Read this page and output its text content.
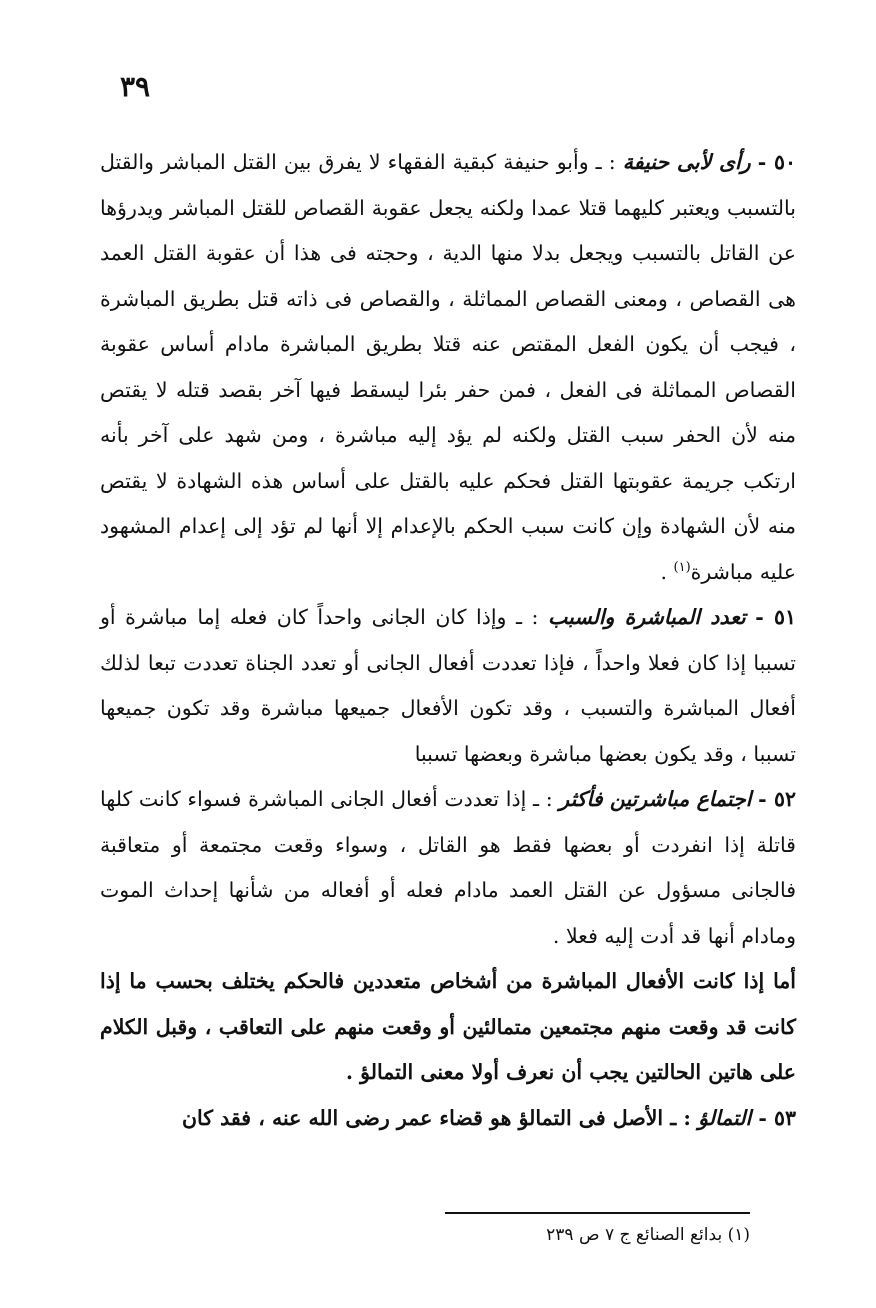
٣٩

٥٠ - رأى لأبى حنيفة : ـ وأبو حنيفة كبقية الفقهاء لا يفرق بين القتل المباشر والقتل بالتسبب ويعتبر كليهما قتلا عمدا ولكنه يجعل عقوبة القصاص للقتل المباشر ويدرؤها عن القاتل بالتسبب ويجعل بدلا منها الدية ، وحجته فى هذا أن عقوبة القتل العمد هى القصاص ، ومعنى القصاص المماثلة ، والقصاص فى ذاته قتل بطريق المباشرة ، فيجب أن يكون الفعل المقتص عنه قتلا بطريق المباشرة مادام أساس عقوبة القصاص المماثلة فى الفعل ، فمن حفر بئرا ليسقط فيها آخر بقصد قتله لا يقتص منه لأن الحفر سبب القتل ولكنه لم يؤد إليه مباشرة ، ومن شهد على آخر بأنه ارتكب جريمة عقوبتها القتل فحكم عليه بالقتل على أساس هذه الشهادة لا يقتص منه لأن الشهادة وإن كانت سبب الحكم بالإعدام إلا أنها لم تؤد إلى إعدام المشهود عليه مباشرة$^{(١)}$ .

٥١ - تعدد المباشرة والسبب : ـ وإذا كان الجانى واحداً كان فعله إما مباشرة أو تسببا إذا كان فعلا واحداً ، فإذا تعددت أفعال الجانى أو تعدد الجناة تعددت تبعا لذلك أفعال المباشرة والتسبب ، وقد تكون الأفعال جميعها مباشرة وقد تكون جميعها تسببا ، وقد يكون بعضها مباشرة وبعضها تسببا

٥٢ - اجتماع مباشرتين فأكثر : ـ إذا تعددت أفعال الجانى المباشرة فسواء كانت كلها قاتلة إذا انفردت أو بعضها فقط هو القاتل ، وسواء وقعت مجتمعة أو متعاقبة فالجانى مسؤول عن القتل العمد مادام فعله أو أفعاله من شأنها إحداث الموت ومادام أنها قد أدت إليه فعلا .

أما إذا كانت الأفعال المباشرة من أشخاص متعددين فالحكم يختلف بحسب ما إذا كانت قد وقعت منهم مجتمعين متمالئين أو وقعت منهم على التعاقب ، وقبل الكلام على هاتين الحالتين يجب أن نعرف أولا معنى التمالؤ .

٥٣ - التمالؤ : ـ الأصل فى التمالؤ هو قضاء عمر رضى الله عنه ، فقد كان

(١) بدائع الصنائع ج ٧ ص ٢٣٩
